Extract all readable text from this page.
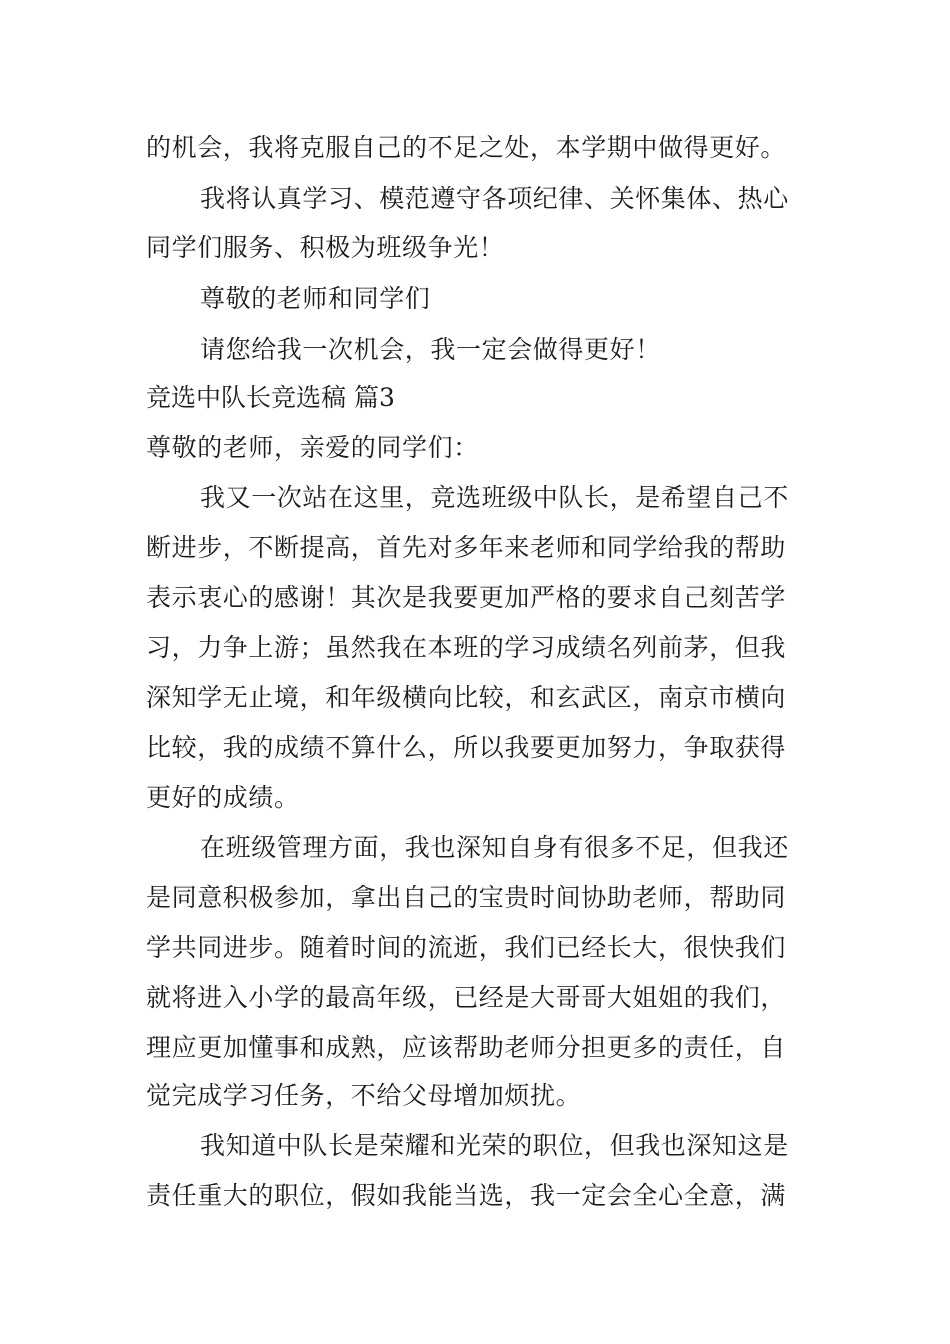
的机会，我将克服自己的不足之处，本学期中做得更好。
我将认真学习、模范遵守各项纪律、关怀集体、热心
同学们服务、积极为班级争光！
尊敬的老师和同学们
请您给我一次机会，我一定会做得更好！
竞选中队长竞选稿 篇3
尊敬的老师，亲爱的同学们：
我又一次站在这里，竞选班级中队长，是希望自己不
断进步，不断提高，首先对多年来老师和同学给我的帮助
表示衷心的感谢！其次是我要更加严格的要求自己刻苦学
习，力争上游；虽然我在本班的学习成绩名列前茅，但我
深知学无止境，和年级横向比较，和玄武区，南京市横向
比较，我的成绩不算什么，所以我要更加努力，争取获得
更好的成绩。
在班级管理方面，我也深知自身有很多不足，但我还
是同意积极参加，拿出自己的宝贵时间协助老师，帮助同
学共同进步。随着时间的流逝，我们已经长大，很快我们
就将进入小学的最高年级，已经是大哥哥大姐姐的我们，
理应更加懂事和成熟，应该帮助老师分担更多的责任，自
觉完成学习任务，不给父母增加烦扰。
我知道中队长是荣耀和光荣的职位，但我也深知这是
责任重大的职位，假如我能当选，我一定会全心全意，满
